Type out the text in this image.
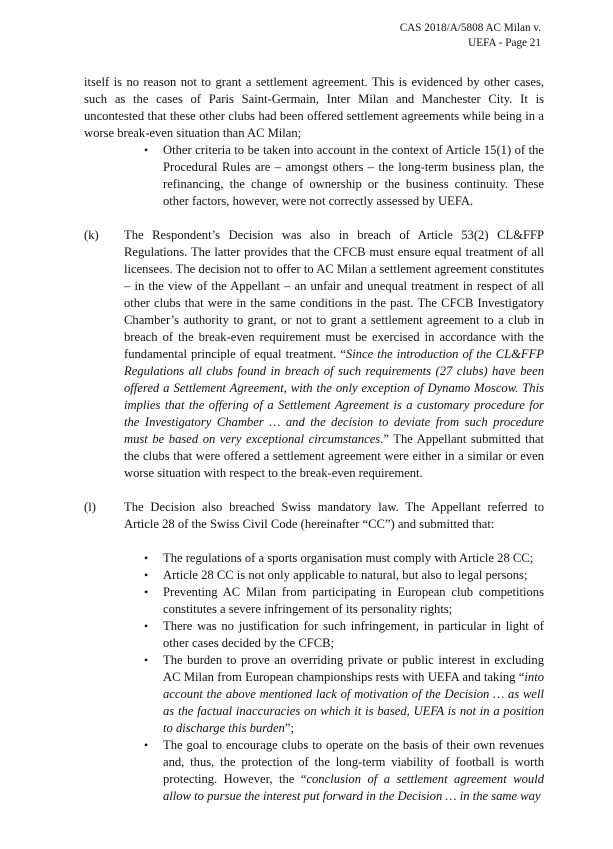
CAS 2018/A/5808 AC Milan v.
UEFA - Page 21

itself is no reason not to grant a settlement agreement. This is evidenced by other cases, such as the cases of Paris Saint-Germain, Inter Milan and Manchester City. It is uncontested that these other clubs had been offered settlement agreements while being in a worse break-even situation than AC Milan;

• Other criteria to be taken into account in the context of Article 15(1) of the Procedural Rules are – amongst others – the long-term business plan, the refinancing, the change of ownership or the business continuity. These other factors, however, were not correctly assessed by UEFA.

(k) The Respondent’s Decision was also in breach of Article 53(2) CL&FFP Regulations. The latter provides that the CFCB must ensure equal treatment of all licensees. The decision not to offer to AC Milan a settlement agreement constitutes – in the view of the Appellant – an unfair and unequal treatment in respect of all other clubs that were in the same conditions in the past. The CFCB Investigatory Chamber’s authority to grant, or not to grant a settlement agreement to a club in breach of the break-even requirement must be exercised in accordance with the fundamental principle of equal treatment. “Since the introduction of the CL&FFP Regulations all clubs found in breach of such requirements (27 clubs) have been offered a Settlement Agreement, with the only exception of Dynamo Moscow. This implies that the offering of a Settlement Agreement is a customary procedure for the Investigatory Chamber … and the decision to deviate from such procedure must be based on very exceptional circumstances.” The Appellant submitted that the clubs that were offered a settlement agreement were either in a similar or even worse situation with respect to the break-even requirement.
(l) The Decision also breached Swiss mandatory law. The Appellant referred to Article 28 of the Swiss Civil Code (hereinafter “CC”) and submitted that:

• The regulations of a sports organisation must comply with Article 28 CC;

• Article 28 CC is not only applicable to natural, but also to legal persons;

• Preventing AC Milan from participating in European club competitions constitutes a severe infringement of its personality rights;

• There was no justification for such infringement, in particular in light of other cases decided by the CFCB;

• The burden to prove an overriding private or public interest in excluding AC Milan from European championships rests with UEFA and taking “into account the above mentioned lack of motivation of the Decision … as well as the factual inaccuracies on which it is based, UEFA is not in a position to discharge this burden”;

• The goal to encourage clubs to operate on the basis of their own revenues and, thus, the protection of the long-term viability of football is worth protecting. However, the “conclusion of a settlement agreement would allow to pursue the interest put forward in the Decision … in the same way
